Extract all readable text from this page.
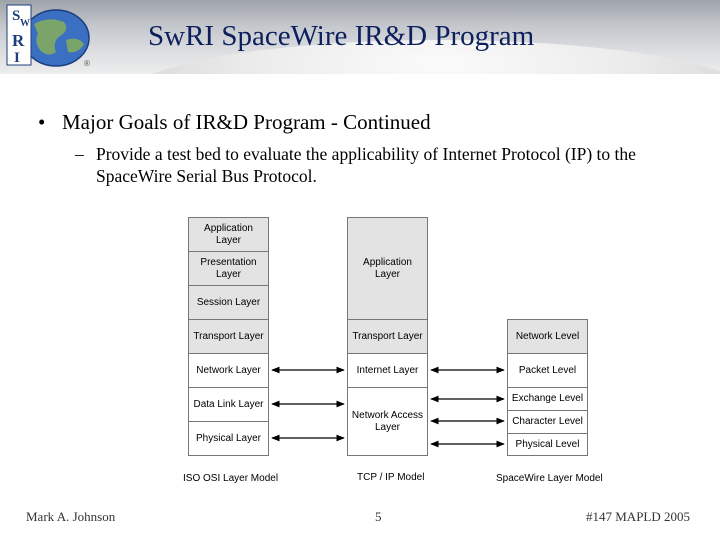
S W
R
I	®
SwRI SpaceWire IR&D Program
• Major Goals of IR&D Program - Continued
– Provide a test bed to evaluate the applicability of Internet Protocol (IP) to the SpaceWire Serial Bus Protocol.
Application Layer
Presentation Layer
Session Layer
Transport Layer
Network Layer
Data Link Layer
Physical Layer
ISO OSI Layer Model
Application Layer
Transport Layer
Internet Layer
Network Access Layer
TCP / IP Model
Network Level
Packet Level
Exchange Level
Character Level
Physical Level
SpaceWire Layer Model
Mark A. Johnson	5	#147 MAPLD 2005
